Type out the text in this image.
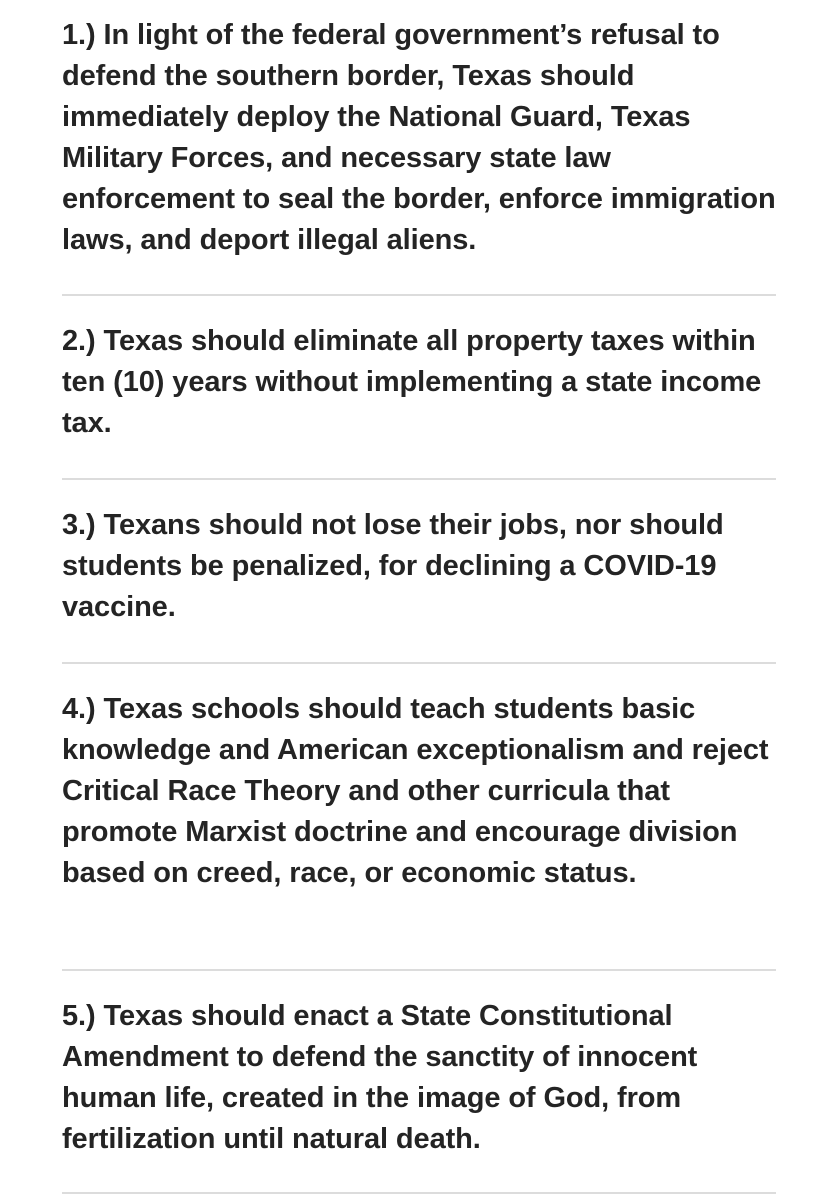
1.) In light of the federal government’s refusal to defend the southern border, Texas should immediately deploy the National Guard, Texas Military Forces, and necessary state law enforcement to seal the border, enforce immigration laws, and deport illegal aliens.
2.) Texas should eliminate all property taxes within ten (10) years without implementing a state income tax.
3.) Texans should not lose their jobs, nor should students be penalized, for declining a COVID-19 vaccine.
4.) Texas schools should teach students basic knowledge and American exceptionalism and reject Critical Race Theory and other curricula that promote Marxist doctrine and encourage division based on creed, race, or economic status.
5.) Texas should enact a State Constitutional Amendment to defend the sanctity of innocent human life, created in the image of God, from fertilization until natural death.
